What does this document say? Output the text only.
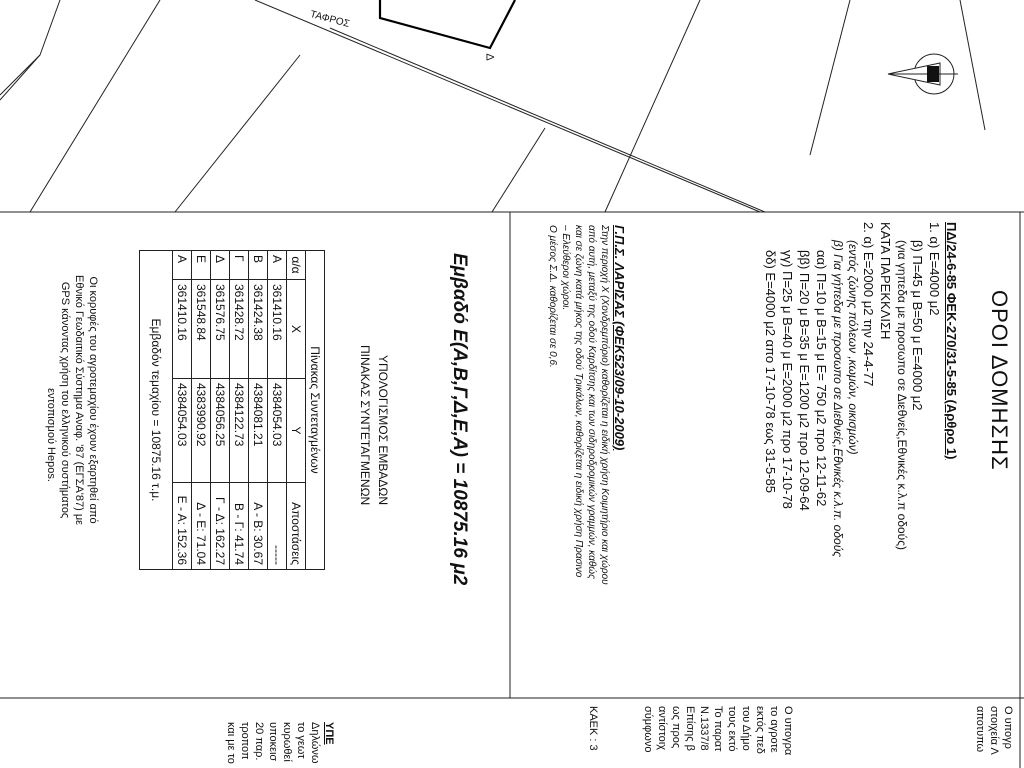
ΤΑΦΡΟΣ
Δ
ΟΡΟΙ ΔΟΜΗΣΗΣ
ΠΔ/24-6-85 ΦΕΚ-270/31-5-85 (Αρθρο 1)
1. α) Ε=4000 μ2
β) Π=45 μ Β=50 μ Ε=4000 μ2
(για γηπεδα με προσωπο σε Διεθνείς,Εθνικές κ.λ.π οδούς)
ΚΑΤΑ ΠΑΡΕΚΚΛΙΣΗ
2. α) Ε=2000 μ2 την 24-4-77
(εντός ζώνης πόλεων ,κωμών, οικισμών)
β) Για γήπεδα με προσωπο σε Διεθνείς,Εθνικές κ.λ.π. οδούς
αα) Π=10 μ Β=15 μ Ε= 750 μ2 προ 12-11-62
ββ) Π=20 μ Β=35 μ Ε=1200 μ2 προ 12-09-64
γγ) Π=25 μ Β=40 μ Ε=2000 μ2 προ 17-10-78
δδ) Ε=4000 μ2 απο 17-10-78 εως 31-5-85
Γ.Π.Σ. ΛΑΡΙΣΑΣ (ΦΕΚ523/09-10-2009)
Στην περιοχή Χ (Χονδρεμπόριο) καθορίζεται η ειδική χρήση Κοιμητήριο και χώρου
από αυτή, μεταξύ της οδού Καρδίτσης και των σιδηροδρομικών γραμμών, καθώς
και σε ζώνη κατά μήκος της οδού Τρικάλων, καθορίζεται η ειδική χρήση Πρασινο
– Ελεύθεροι χώροι.
Ο μέσος Σ.Δ. καθορίζεται σε 0,6.
Εμβαδό Ε(Α,Β,Γ,Δ,Ε,Α) = 10875.16 μ2
ΥΠΟΛΟΓΙΣΜΟΣ ΕΜΒΑΔΩΝ
ΠΙΝΑΚΑΣ ΣΥΝΤΕΤΑΓΜΕΝΩΝ
Πίνακας Συντεταγμένων			
α/α	Χ	Υ	Αποστάσεις
Α	361410.16	4384054.03	-----
Β	361424.38	4384081.21	Α - Β: 30.67
Γ	361428.72	4384122.73	Β - Γ: 41.74
Δ	361576.75	4384056.25	Γ - Δ: 162.27
Ε	361548.84	4383990.92	Δ - Ε: 71.04
Α	361410.16	4384054.03	Ε - Α: 152.36
Εμβαδόν τεμαχίου = 10875.16 τ.μ.			
Οι κορυφές του αγροτεμαχίου έχουν εξαρτηθεί από
Εθνικό Γεωδαιτικό Σύστημα Αναφ. '87 (ΕΓΣΑ'87) με
GPS κάνοντας χρήση του ελληνικού συστήματος
εντοπισμού Hepos.
Ο υπογρ
στοιχεία Λ
αποτυπω
Ο υπογρα
το αγροτε
εκτός πεδ
του Δήμο
τους εκτό
Το παρατ
Ν.1337/8
Επίσης β
ως προς
αντίστοιχ
σύμφωνο
ΚΑΕΚ : 3
ΥΠΕ
Δηλώνω
το γεωτ
κυρωθεί
υποκεισ
20 παρ.
τροποπ
και με το
